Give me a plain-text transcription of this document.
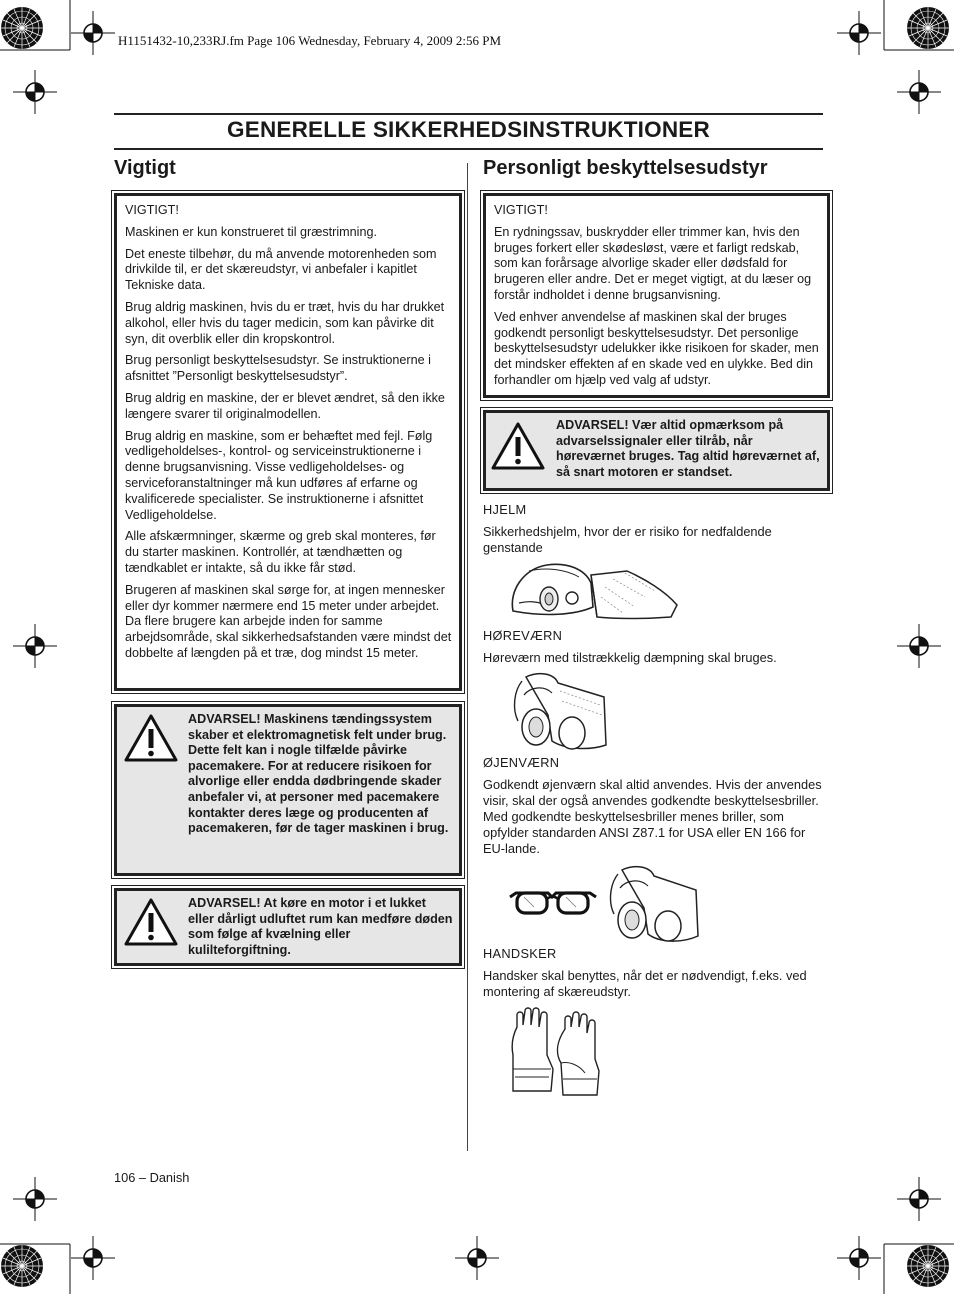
H1151432-10,233RJ.fm Page 106 Wednesday, February 4, 2009 2:56 PM
GENERELLE SIKKERHEDSINSTRUKTIONER
Vigtigt

VIGTIGT!

Maskinen er kun konstrueret til græstrimning.

Det eneste tilbehør, du må anvende motorenheden som drivkilde til, er det skæreudstyr, vi anbefaler i kapitlet Tekniske data.

Brug aldrig maskinen, hvis du er træt, hvis du har drukket alkohol, eller hvis du tager medicin, som kan påvirke dit syn, dit overblik eller din kropskontrol.

Brug personligt beskyttelsesudstyr. Se instruktionerne i afsnittet ”Personligt beskyttelsesudstyr”.

Brug aldrig en maskine, der er blevet ændret, så den ikke længere svarer til originalmodellen.

Brug aldrig en maskine, som er behæftet med fejl. Følg vedligeholdelses-, kontrol- og serviceinstruktionerne i denne brugsanvisning. Visse vedligeholdelses- og serviceforanstaltninger må kun udføres af erfarne og kvalificerede specialister. Se instruktionerne i afsnittet Vedligeholdelse.

Alle afskærmninger, skærme og greb skal monteres, før du starter maskinen. Kontrollér, at tændhætten og tændkablet er intakte, så du ikke får stød.

Brugeren af maskinen skal sørge for, at ingen mennesker eller dyr kommer nærmere end 15 meter under arbejdet. Da flere brugere kan arbejde inden for samme arbejdsområde, skal sikkerhedsafstanden være mindst det dobbelte af længden på et træ, dog mindst 15 meter.

ADVARSEL! Maskinens tændingssystem skaber et elektromagnetisk felt under brug. Dette felt kan i nogle tilfælde påvirke pacemakere. For at reducere risikoen for alvorlige eller endda dødbringende skader anbefaler vi, at personer med pacemakere kontakter deres læge og producenten af pacemakeren, før de tager maskinen i brug.
ADVARSEL! At køre en motor i et lukket eller dårligt udluftet rum kan medføre døden som følge af kvælning eller kulilteforgiftning.
Personligt beskyttelsesudstyr

VIGTIGT!

En rydningssav, buskrydder eller trimmer kan, hvis den bruges forkert eller skødesløst, være et farligt redskab, som kan forårsage alvorlige skader eller dødsfald for brugeren eller andre. Det er meget vigtigt, at du læser og forstår indholdet i denne brugsanvisning.

Ved enhver anvendelse af maskinen skal der bruges godkendt personligt beskyttelsesudstyr. Det personlige beskyttelsesudstyr udelukker ikke risikoen for skader, men det mindsker effekten af en skade ved en ulykke. Bed din forhandler om hjælp ved valg af udstyr.

ADVARSEL! Vær altid opmærksom på advarselssignaler eller tilråb, når høreværnet bruges. Tag altid høreværnet af, så snart motoren er standset.
HJELM
Sikkerhedshjelm, hvor der er risiko for nedfaldende genstande
HØREVÆRN
Høreværn med tilstrækkelig dæmpning skal bruges.
ØJENVÆRN
Godkendt øjenværn skal altid anvendes. Hvis der anvendes visir, skal der også anvendes godkendte beskyttelsesbriller. Med godkendte beskyttelsesbriller menes briller, som opfylder standarden ANSI Z87.1 for USA eller EN 166 for EU-lande.
HANDSKER
Handsker skal benyttes, når det er nødvendigt, f.eks. ved montering af skæreudstyr.
106 – Danish
